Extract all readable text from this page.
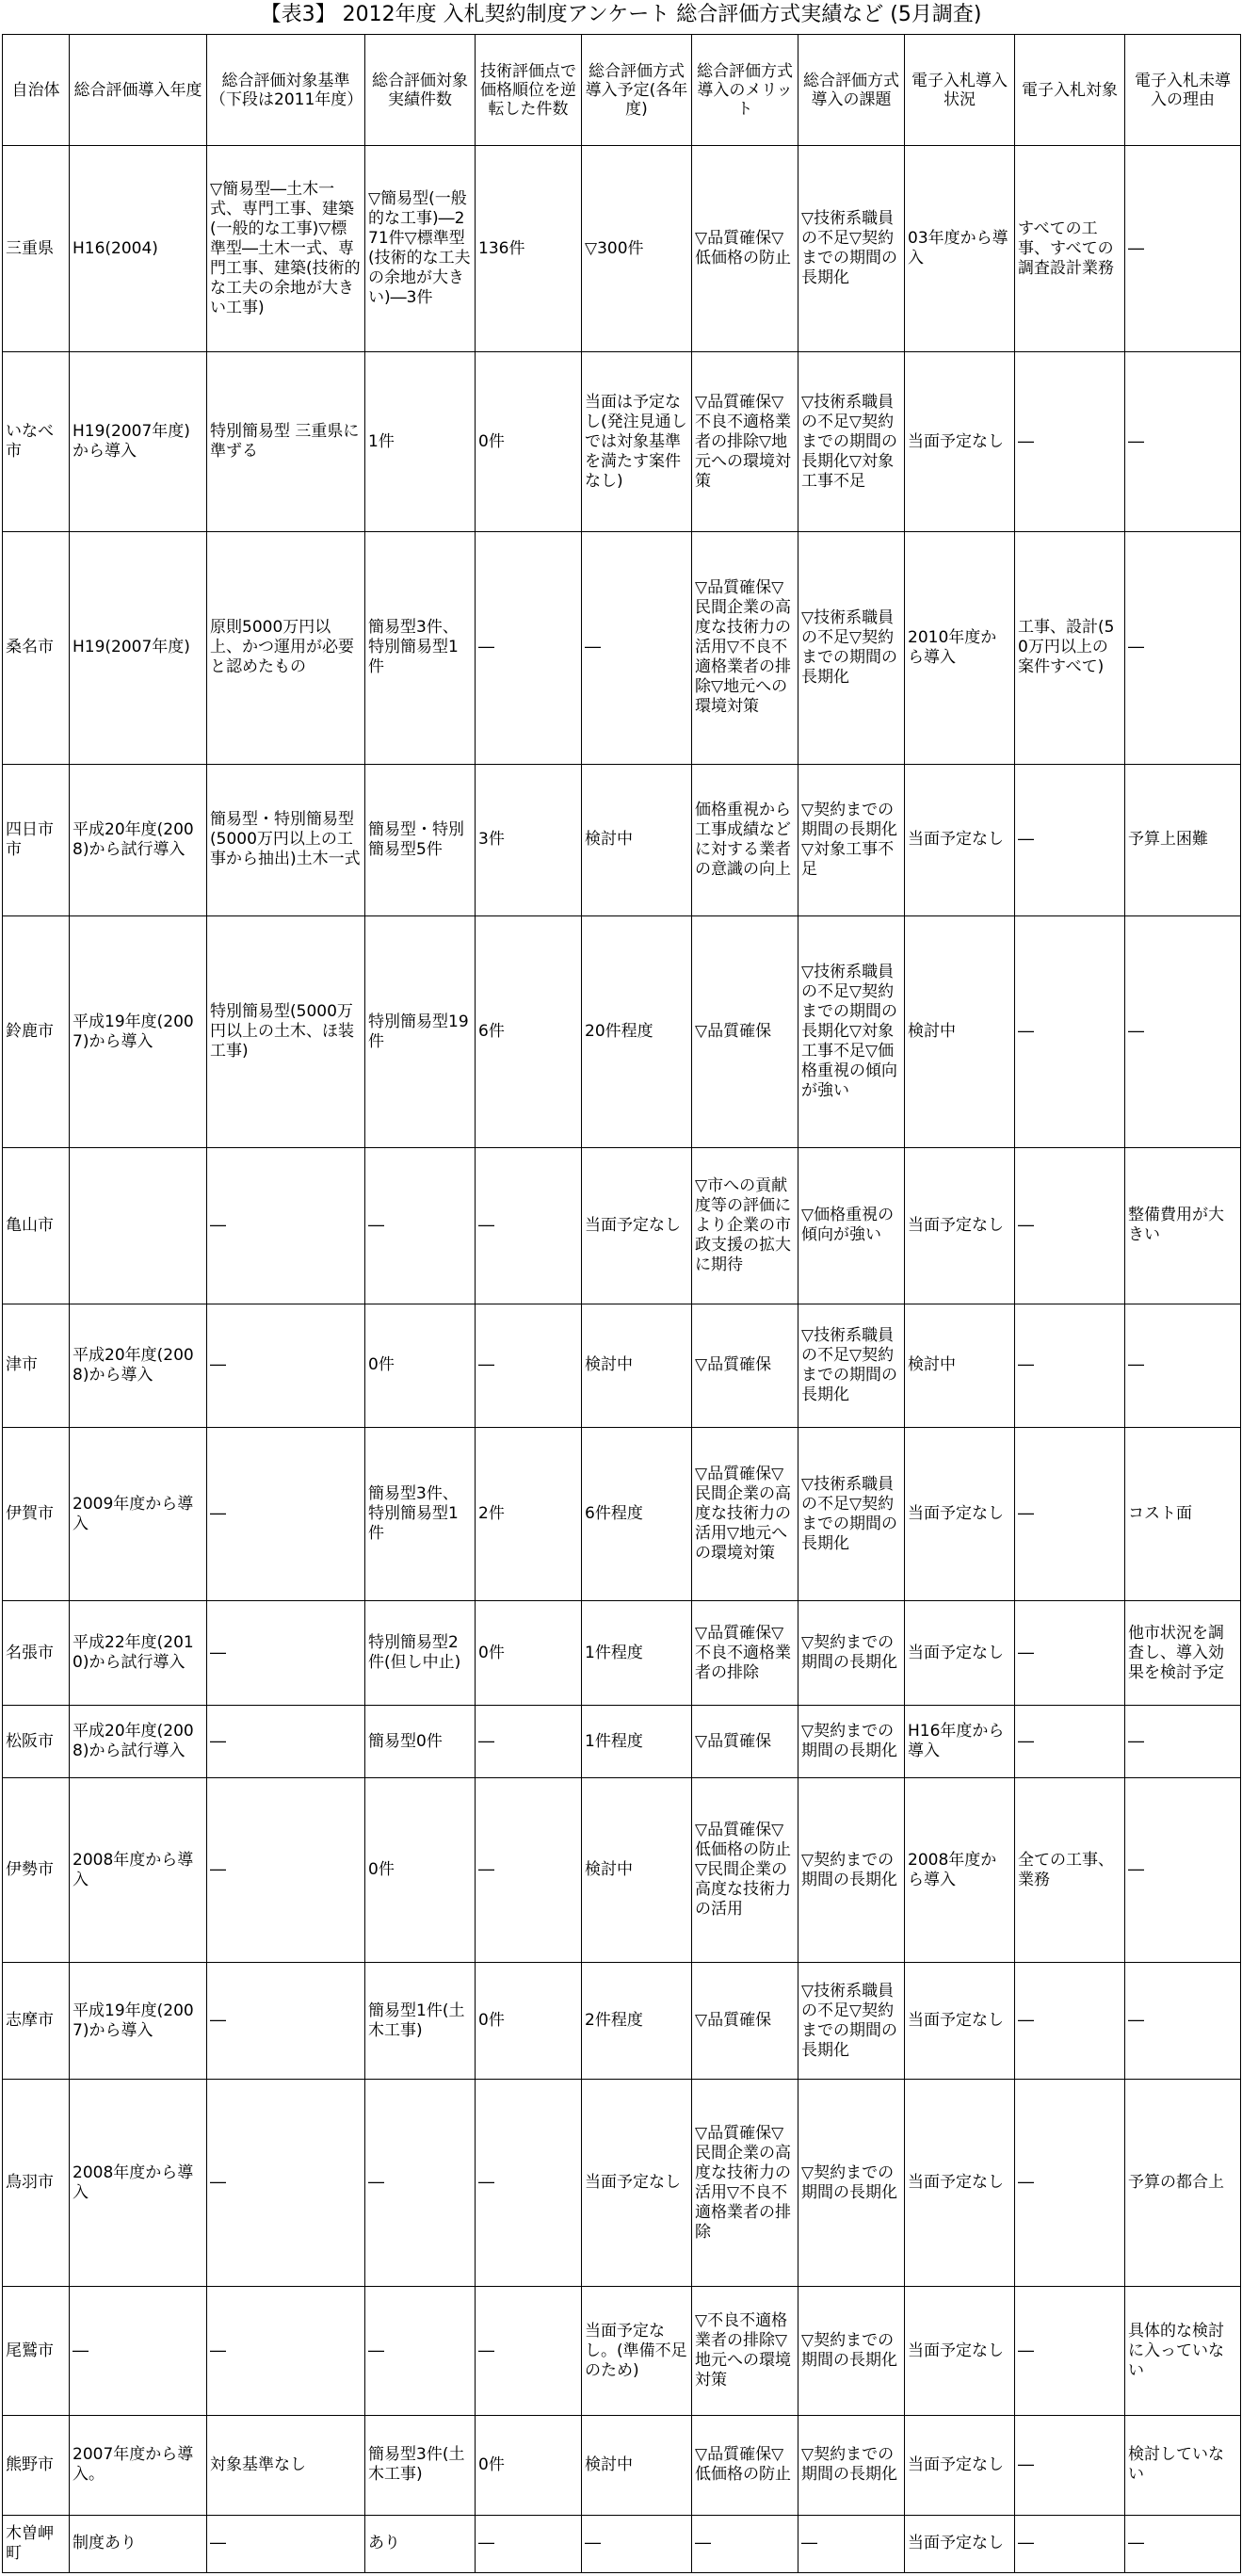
【表3】 2012年度 入札契約制度アンケート 総合評価方式実績など (5月調査)
自治体	総合評価導入年度	総合評価対象基準（下段は2011年度）	総合評価対象実績件数	技術評価点で価格順位を逆転した件数	総合評価方式導入予定(各年度)	総合評価方式導入のメリット	総合評価方式導入の課題	電子入札導入状況	電子入札対象	電子入札未導入の理由
三重県	H16(2004)	▽簡易型―土木一式、専門工事、建築(一般的な工事)▽標準型―土木一式、専門工事、建築(技術的な工夫の余地が大きい工事)	▽簡易型(一般的な工事)―271件▽標準型(技術的な工夫の余地が大きい)―3件	136件	▽300件	▽品質確保▽低価格の防止	▽技術系職員の不足▽契約までの期間の長期化	03年度から導入	すべての工事、すべての調査設計業務	―
いなべ市	H19(2007年度)から導入	特別簡易型 三重県に準ずる	1件	0件	当面は予定なし(発注見通しでは対象基準を満たす案件なし)	▽品質確保▽不良不適格業者の排除▽地元への環境対策	▽技術系職員の不足▽契約までの期間の長期化▽対象工事不足	当面予定なし	―	―
桑名市	H19(2007年度)	原則5000万円以上、かつ運用が必要と認めたもの	簡易型3件、特別簡易型1件	―	―	▽品質確保▽民間企業の高度な技術力の活用▽不良不適格業者の排除▽地元への環境対策	▽技術系職員の不足▽契約までの期間の長期化	2010年度から導入	工事、設計(50万円以上の案件すべて)	―
四日市市	平成20年度(2008)から試行導入	簡易型・特別簡易型(5000万円以上の工事から抽出)土木一式	簡易型・特別簡易型5件	3件	検討中	価格重視から工事成績などに対する業者の意識の向上	▽契約までの期間の長期化▽対象工事不足	当面予定なし	―	予算上困難
鈴鹿市	平成19年度(2007)から導入	特別簡易型(5000万円以上の土木、ほ装工事)	特別簡易型19件	6件	20件程度	▽品質確保	▽技術系職員の不足▽契約までの期間の長期化▽対象工事不足▽価格重視の傾向が強い	検討中	―	―
亀山市		―	―	―	当面予定なし	▽市への貢献度等の評価により企業の市政支援の拡大に期待	▽価格重視の傾向が強い	当面予定なし	―	整備費用が大きい
津市	平成20年度(2008)から導入	―	0件	―	検討中	▽品質確保	▽技術系職員の不足▽契約までの期間の長期化	検討中	―	―
伊賀市	2009年度から導入	―	簡易型3件、特別簡易型1件	2件	6件程度	▽品質確保▽民間企業の高度な技術力の活用▽地元への環境対策	▽技術系職員の不足▽契約までの期間の長期化	当面予定なし	―	コスト面
名張市	平成22年度(2010)から試行導入	―	特別簡易型2件(但し中止)	0件	1件程度	▽品質確保▽不良不適格業者の排除	▽契約までの期間の長期化	当面予定なし	―	他市状況を調査し、導入効果を検討予定
松阪市	平成20年度(2008)から試行導入	―	簡易型0件	―	1件程度	▽品質確保	▽契約までの期間の長期化	H16年度から導入	―	―
伊勢市	2008年度から導入	―	0件	―	検討中	▽品質確保▽低価格の防止▽民間企業の高度な技術力の活用	▽契約までの期間の長期化	2008年度から導入	全ての工事、業務	―
志摩市	平成19年度(2007)から導入	―	簡易型1件(土木工事)	0件	2件程度	▽品質確保	▽技術系職員の不足▽契約までの期間の長期化	当面予定なし	―	―
鳥羽市	2008年度から導入	―	―	―	当面予定なし	▽品質確保▽民間企業の高度な技術力の活用▽不良不適格業者の排除	▽契約までの期間の長期化	当面予定なし	―	予算の都合上
尾鷲市	―	―	―	―	当面予定なし。(準備不足のため)	▽不良不適格業者の排除▽地元への環境対策	▽契約までの期間の長期化	当面予定なし	―	具体的な検討に入っていない
熊野市	2007年度から導入。	対象基準なし	簡易型3件(土木工事)	0件	検討中	▽品質確保▽低価格の防止	▽契約までの期間の長期化	当面予定なし	―	検討していない
木曽岬町	制度あり	―	あり	―	―	―	―	当面予定なし	―	―
